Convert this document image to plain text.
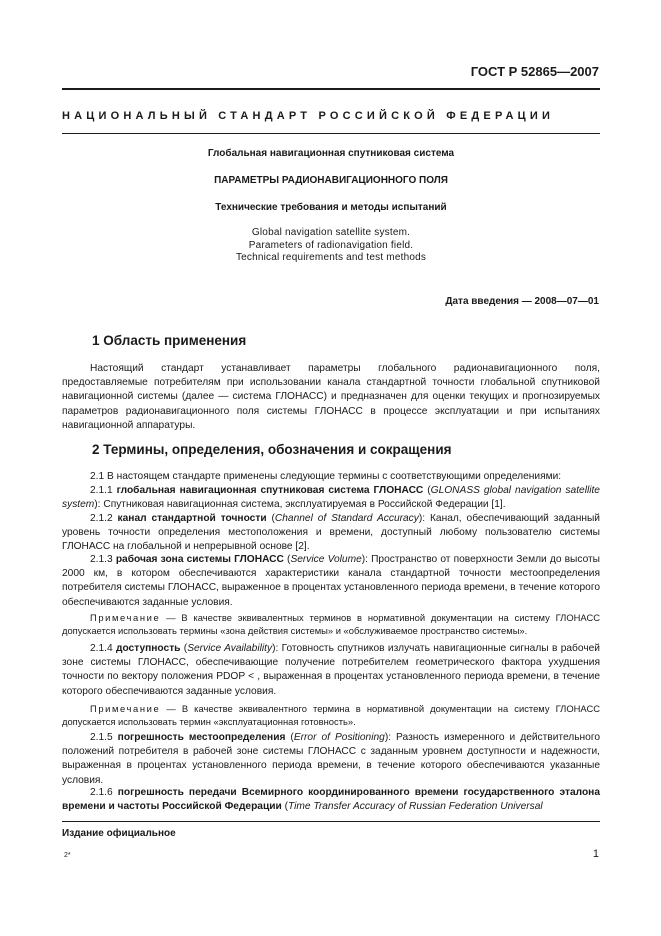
ГОСТ Р 52865—2007
НАЦИОНАЛЬНЫЙ СТАНДАРТ РОССИЙСКОЙ ФЕДЕРАЦИИ
Глобальная навигационная спутниковая система
ПАРАМЕТРЫ РАДИОНАВИГАЦИОННОГО ПОЛЯ
Технические требования и методы испытаний
Global navigation satellite system.
Parameters of radionavigation field.
Technical requirements and test methods
Дата введения — 2008—07—01
1 Область применения

Настоящий стандарт устанавливает параметры глобального радионавигационного поля, предоставляемые потребителям при использовании канала стандартной точности глобальной спутниковой навигационной системы (далее — система ГЛОНАСС) и предназначен для оценки текущих и прогнозируемых параметров радионавигационного поля системы ГЛОНАСС в процессе эксплуатации и при испытаниях навигационной аппаратуры.

2 Термины, определения, обозначения и сокращения

2.1 В настоящем стандарте применены следующие термины с соответствующими определениями:

2.1.1 глобальная навигационная спутниковая система ГЛОНАСС (GLONASS global navigation satellite system): Спутниковая навигационная система, эксплуатируемая в Российской Федерации [1].

2.1.2 канал стандартной точности (Channel of Standard Accuracy): Канал, обеспечивающий заданный уровень точности определения местоположения и времени, доступный любому пользователю системы ГЛОНАСС на глобальной и непрерывной основе [2].

2.1.3 рабочая зона системы ГЛОНАСС (Service Volume): Пространство от поверхности Земли до высоты 2000 км, в котором обеспечиваются характеристики канала стандартной точности местоопределения потребителя системы ГЛОНАСС, выраженное в процентах установленного периода времени, в течение которого обеспечиваются заданные условия.

Примечание — В качестве эквивалентных терминов в нормативной документации на систему ГЛОНАСС допускается использовать термины «зона действия системы» и «обслуживаемое пространство системы».

2.1.4 доступность (Service Availability): Готовность спутников излучать навигационные сигналы в рабочей зоне системы ГЛОНАСС, обеспечивающие получение потребителем геометрического фактора ухудшения точности по вектору положения PDOP < , выраженная в процентах установленного периода времени, в течение которого обеспечиваются заданные условия.

Примечание — В качестве эквивалентного термина в нормативной документации на систему ГЛОНАСС допускается использовать термин «эксплуатационная готовность».

2.1.5 погрешность местоопределения (Error of Positioning): Разность измеренного и действительного положений потребителя в рабочей зоне системы ГЛОНАСС с заданным уровнем доступности и надежности, выраженная в процентах установленного периода времени, в течение которого обеспечиваются указанные условия.

2.1.6 погрешность передачи Всемирного координированного времени государственного эталона времени и частоты Российской Федерации (Time Transfer Accuracy of Russian Federation Universal

Издание официальное
2*	1
